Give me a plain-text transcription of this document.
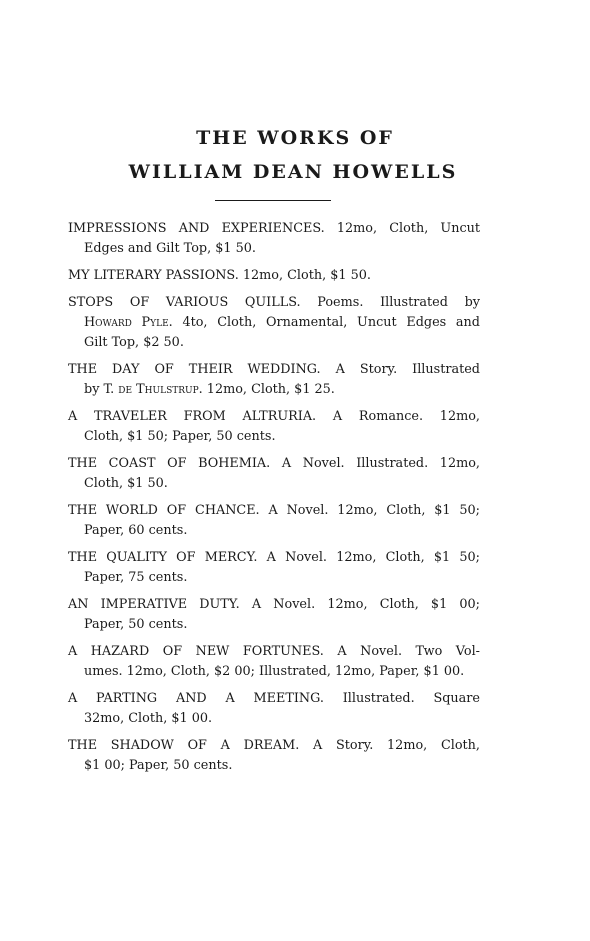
THE WORKS OF
WILLIAM DEAN HOWELLS
IMPRESSIONS AND EXPERIENCES. 12mo, Cloth, Uncut
Edges and Gilt Top, $1 50.
MY LITERARY PASSIONS. 12mo, Cloth, $1 50.
STOPS OF VARIOUS QUILLS. Poems. Illustrated by
Howard Pyle. 4to, Cloth, Ornamental, Uncut Edges and
Gilt Top, $2 50.
THE DAY OF THEIR WEDDING. A Story. Illustrated
by T. de Thulstrup. 12mo, Cloth, $1 25.
A TRAVELER FROM ALTRURIA. A Romance. 12mo,
Cloth, $1 50; Paper, 50 cents.
THE COAST OF BOHEMIA. A Novel. Illustrated. 12mo,
Cloth, $1 50.
THE WORLD OF CHANCE. A Novel. 12mo, Cloth, $1 50;
Paper, 60 cents.
THE QUALITY OF MERCY. A Novel. 12mo, Cloth, $1 50;
Paper, 75 cents.
AN IMPERATIVE DUTY. A Novel. 12mo, Cloth, $1 00;
Paper, 50 cents.
A HAZARD OF NEW FORTUNES. A Novel. Two Vol-
umes. 12mo, Cloth, $2 00; Illustrated, 12mo, Paper, $1 00.
A PARTING AND A MEETING. Illustrated. Square
32mo, Cloth, $1 00.
THE SHADOW OF A DREAM. A Story. 12mo, Cloth,
$1 00; Paper, 50 cents.
